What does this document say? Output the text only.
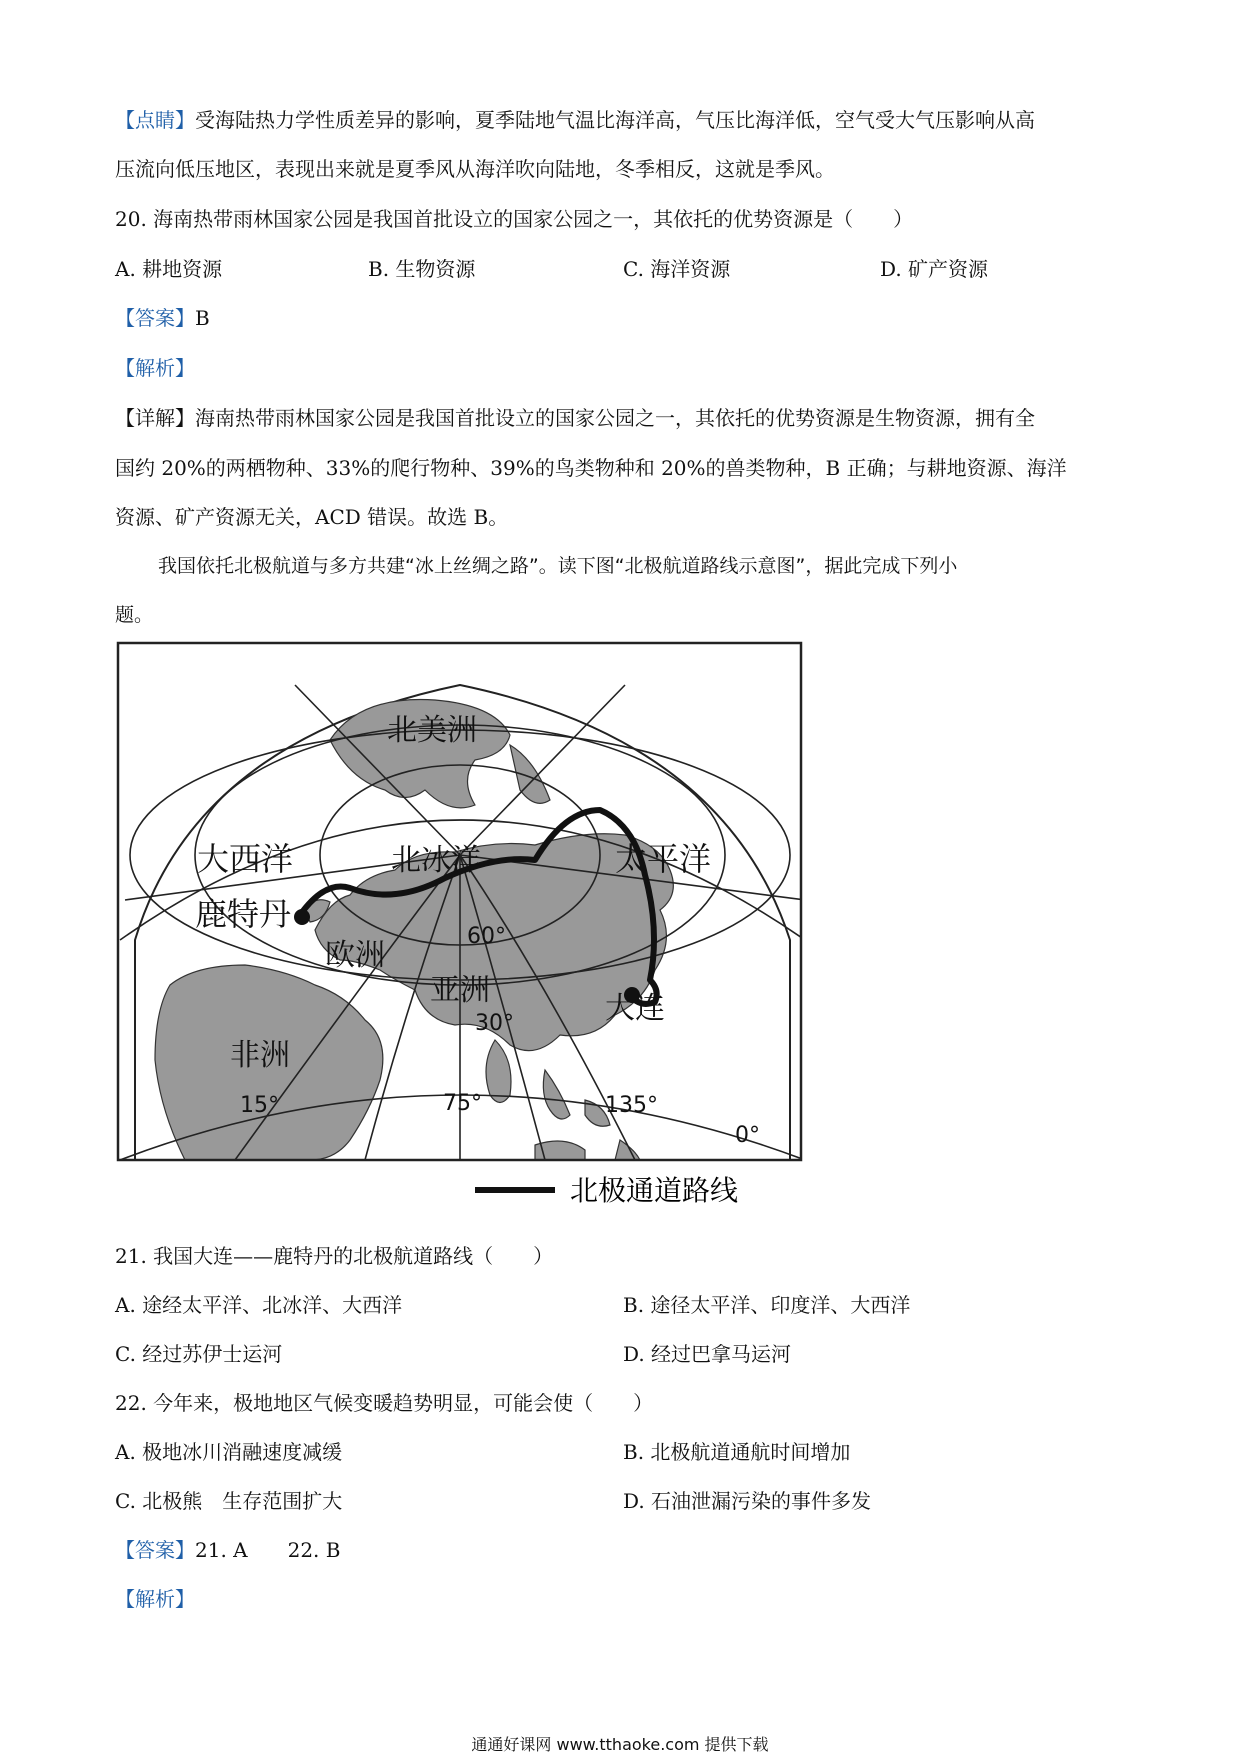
【点睛】受海陆热力学性质差异的影响，夏季陆地气温比海洋高，气压比海洋低，空气受大气压影响从高
压流向低压地区，表现出来就是夏季风从海洋吹向陆地，冬季相反，这就是季风。
20. 海南热带雨林国家公园是我国首批设立的国家公园之一，其依托的优势资源是（　　）
A. 耕地资源	B. 生物资源	C. 海洋资源	D. 矿产资源
【答案】B
【解析】
【详解】海南热带雨林国家公园是我国首批设立的国家公园之一，其依托的优势资源是生物资源，拥有全
国约 20%的两栖物种、33%的爬行物种、39%的鸟类物种和 20%的兽类物种，B 正确；与耕地资源、海洋
资源、矿产资源无关，ACD 错误。故选 B。
我国依托北极航道与多方共建“冰上丝绸之路”。读下图“北极航道路线示意图”，据此完成下列小
题。
北美洲
大西洋
鹿特丹
北冰洋	太平洋
欧洲
亚洲
非洲
大连
60°
30°
15°	75°	135°
0°
北极通道路线
21. 我国大连——鹿特丹的北极航道路线（　　）
A. 途经太平洋、北冰洋、大西洋	B. 途径太平洋、印度洋、大西洋
C. 经过苏伊士运河	D. 经过巴拿马运河
22. 今年来，极地地区气候变暖趋势明显，可能会使（　　）
A. 极地冰川消融速度减缓	B. 北极航道通航时间增加
C. 北极熊　生存范围扩大	D. 石油泄漏污染的事件多发
【答案】21. A 22. B
【解析】
通通好课网 www.tthaoke.com 提供下载
